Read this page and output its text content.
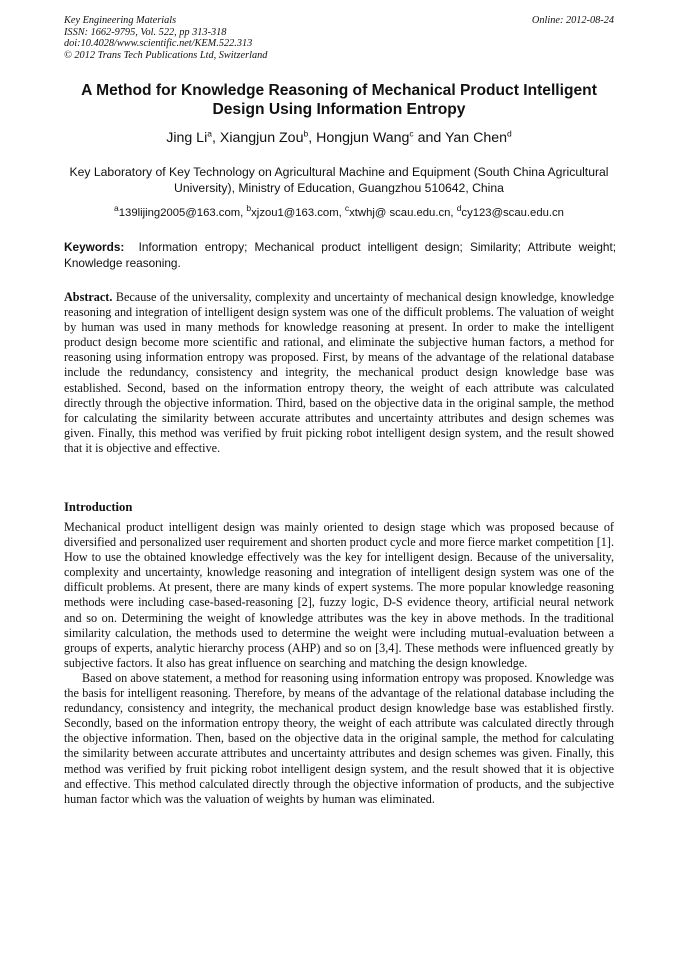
Key Engineering Materials
ISSN: 1662-9795, Vol. 522, pp 313-318
doi:10.4028/www.scientific.net/KEM.522.313
© 2012 Trans Tech Publications Ltd, Switzerland
Online: 2012-08-24
A Method for Knowledge Reasoning of Mechanical Product Intelligent Design Using Information Entropy
Jing Li$^a$, Xiangjun Zou$^b$, Hongjun Wang$^c$ and Yan Chen$^d$
Key Laboratory of Key Technology on Agricultural Machine and Equipment (South China Agricultural University), Ministry of Education, Guangzhou 510642, China
$^a$139lijing2005@163.com, $^b$xjzou1@163.com, $^c$xtwhj@ scau.edu.cn, $^d$cy123@scau.edu.cn
Keywords: Information entropy; Mechanical product intelligent design; Similarity; Attribute weight; Knowledge reasoning.
Abstract. Because of the universality, complexity and uncertainty of mechanical design knowledge, knowledge reasoning and integration of intelligent design system was one of the difficult problems. The valuation of weight by human was used in many methods for knowledge reasoning at present. In order to make the intelligent product design become more scientific and rational, and eliminate the subjective human factors, a method for reasoning using information entropy was proposed. First, by means of the advantage of the relational database include the redundancy, consistency and integrity, the mechanical product design knowledge base was established. Second, based on the information entropy theory, the weight of each attribute was calculated directly through the objective information. Third, based on the objective data in the original sample, the method for calculating the similarity between accurate attributes and uncertainty attributes and design schemes was given. Finally, this method was verified by fruit picking robot intelligent design system, and the result showed that it is objective and effective.
Introduction

Mechanical product intelligent design was mainly oriented to design stage which was proposed because of diversified and personalized user requirement and shorten product cycle and more fierce market competition [1]. How to use the obtained knowledge effectively was the key for intelligent design. Because of the universality, complexity and uncertainty, knowledge reasoning and integration of intelligent design system was one of the difficult problems. At present, there are many kinds of expert systems. The more popular knowledge reasoning methods were including case-based-reasoning [2], fuzzy logic, D-S evidence theory, artificial neural network and so on. Determining the weight of knowledge attributes was the key in above methods. In the traditional similarity calculation, the methods used to determine the weight were including mutual-evaluation between a groups of experts, analytic hierarchy process (AHP) and so on [3,4]. These methods were influenced greatly by subjective factors. It also has great influence on searching and matching the design knowledge.

Based on above statement, a method for reasoning using information entropy was proposed. Knowledge was the basis for intelligent reasoning. Therefore, by means of the advantage of the relational database including the redundancy, consistency and integrity, the mechanical product design knowledge base was established firstly. Secondly, based on the information entropy theory, the weight of each attribute was calculated directly through the objective information. Then, based on the objective data in the original sample, the method for calculating the similarity between accurate attributes and uncertainty attributes and design schemes was given. Finally, this method was verified by fruit picking robot intelligent design system, and the result showed that it is objective and effective. This method calculated directly through the objective information of products, and the subjective human factor which was the valuation of weights by human was eliminated.
